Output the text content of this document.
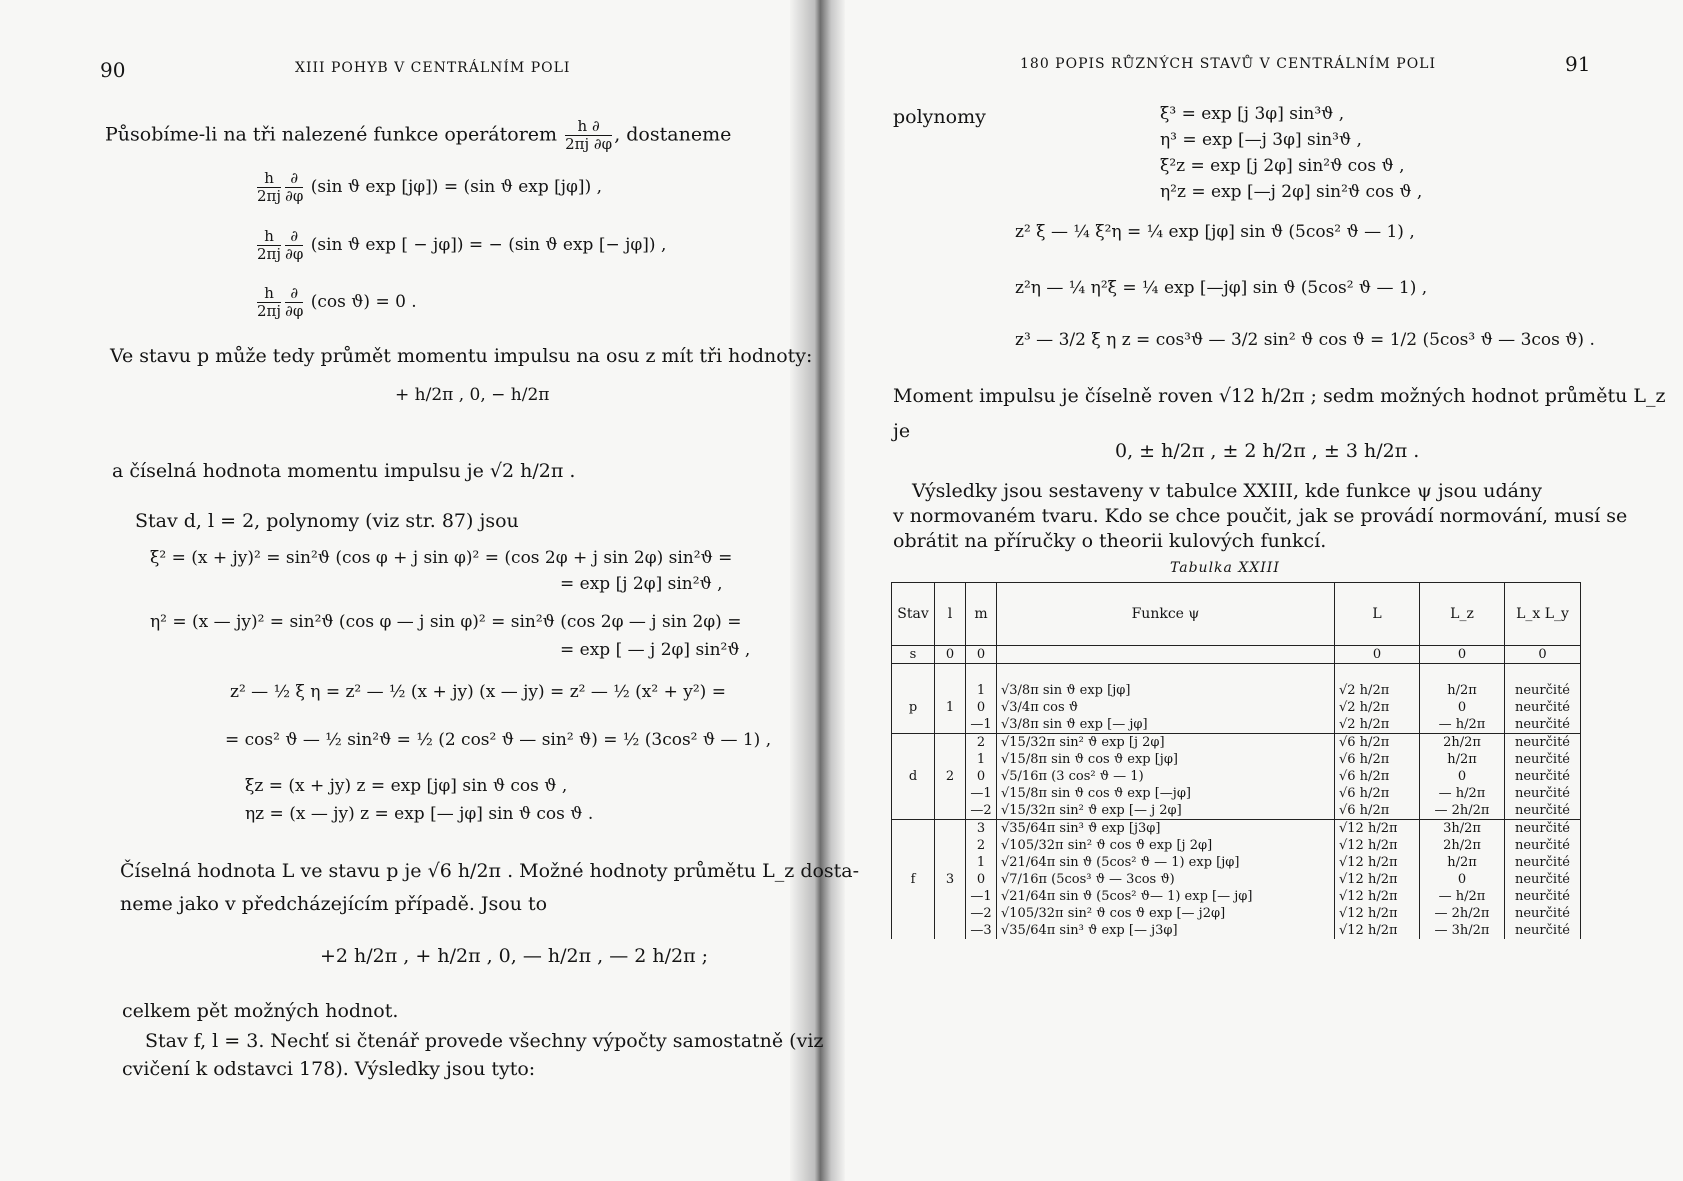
90	XIII POHYB V CENTRÁLNÍM POLI
Působíme-li na tři nalezené funkce operátorem $\frac{h \partial}{2\pi j \partial\varphi}$ , dostaneme
$\frac{h}{2\pi j} \frac{\partial}{\partial\varphi} (\sin$ ϑ exp [jφ]) = (sin ϑ exp [jφ]) ,
$\frac{h}{2\pi j} \frac{\partial}{\partial\varphi} (\sin$ ϑ exp [ − jφ]) = − (sin ϑ exp [− jφ]) ,
$\frac{h}{2\pi j} \frac{\partial}{\partial\varphi} (\cos$ ϑ) = 0 .
Ve stavu p může tedy průmět momentu impulsu na osu z mít tři hodnoty:
+ h/2π , 0, − h/2π
a číselná hodnota momentu impulsu je √2 h/2π .
Stav d, l = 2, polynomy (viz str. 87) jsou
ξ² = (x + jy)² = sin²ϑ (cos φ + j sin φ)² = (cos 2φ + j sin 2φ) sin²ϑ =
= exp [j 2φ] sin²ϑ ,
η² = (x — jy)² = sin²ϑ (cos φ — j sin φ)² = sin²ϑ (cos 2φ — j sin 2φ) =
= exp [ — j 2φ] sin²ϑ ,
z² — ½ ξ η = z² — ½ (x + jy) (x — jy) = z² — ½ (x² + y²) =
= cos² ϑ — ½ sin²ϑ = ½ (2 cos² ϑ — sin² ϑ) = ½ (3cos² ϑ — 1) ,
ξz = (x + jy) z = exp [jφ] sin ϑ cos ϑ ,
ηz = (x — jy) z = exp [— jφ] sin ϑ cos ϑ .
Číselná hodnota L ve stavu p je √6 h/2π . Možné hodnoty průmětu L_z dosta-
neme jako v předcházejícím případě. Jsou to
+2 h/2π , + h/2π , 0, — h/2π , — 2 h/2π ;
celkem pět možných hodnot.
Stav f, l = 3. Nechť si čtenář provede všechny výpočty samostatně (viz
cvičení k odstavci 178). Výsledky jsou tyto:
180 POPIS RŮZNÝCH STAVŮ V CENTRÁLNÍM POLI	91
polynomy	ξ³ = exp [j 3φ] sin³ϑ ,
η³ = exp [—j 3φ] sin³ϑ ,
ξ²z = exp [j 2φ] sin²ϑ cos ϑ ,
η²z = exp [—j 2φ] sin²ϑ cos ϑ ,
z² ξ — ¼ ξ²η = ¼ exp [jφ] sin ϑ (5cos² ϑ — 1) ,
z²η — ¼ η²ξ = ¼ exp [—jφ] sin ϑ (5cos² ϑ — 1) ,
z³ — 3/2 ξ η z = cos³ϑ — 3/2 sin² ϑ cos ϑ = 1/2 (5cos³ ϑ — 3cos ϑ) .
Moment impulsu je číselně roven √12 h/2π ; sedm možných hodnot průmětu L_z
je
0, ± h/2π , ± 2 h/2π , ± 3 h/2π .
Výsledky jsou sestaveny v tabulce XXIII, kde funkce ψ jsou udány
v normovaném tvaru. Kdo se chce poučit, jak se provádí normování, musí se
obrátit na příručky o theorii kulových funkcí.
Tabulka XXIII
Stav	l	m	Funkce ψ	L	L_z	L_x L_y
s	0	0		0	0	0

		1	√3/8π sin ϑ exp [jφ]	√2 h/2π	h/2π	neurčité
p	1	0	√3/4π cos ϑ	√2 h/2π	0	neurčité
		—1	√3/8π sin ϑ exp [— jφ]	√2 h/2π	— h/2π	neurčité
		2	√15/32π sin² ϑ exp [j 2φ]	√6 h/2π	2h/2π	neurčité
		1	√15/8π sin ϑ cos ϑ exp [jφ]	√6 h/2π	h/2π	neurčité
d	2	0	√5/16π (3 cos² ϑ — 1)	√6 h/2π	0	neurčité
		—1	√15/8π sin ϑ cos ϑ exp [—jφ]	√6 h/2π	— h/2π	neurčité
		—2	√15/32π sin² ϑ exp [— j 2φ]	√6 h/2π	— 2h/2π	neurčité
		3	√35/64π sin³ ϑ exp [j3φ]	√12 h/2π	3h/2π	neurčité
		2	√105/32π sin² ϑ cos ϑ exp [j 2φ]	√12 h/2π	2h/2π	neurčité
		1	√21/64π sin ϑ (5cos² ϑ — 1) exp [jφ]	√12 h/2π	h/2π	neurčité
f	3	0	√7/16π (5cos³ ϑ — 3cos ϑ)	√12 h/2π	0	neurčité
		—1	√21/64π sin ϑ (5cos² ϑ— 1) exp [— jφ]	√12 h/2π	— h/2π	neurčité
		—2	√105/32π sin² ϑ cos ϑ exp [— j2φ]	√12 h/2π	— 2h/2π	neurčité
		—3	√35/64π sin³ ϑ exp [— j3φ]	√12 h/2π	— 3h/2π	neurčité
